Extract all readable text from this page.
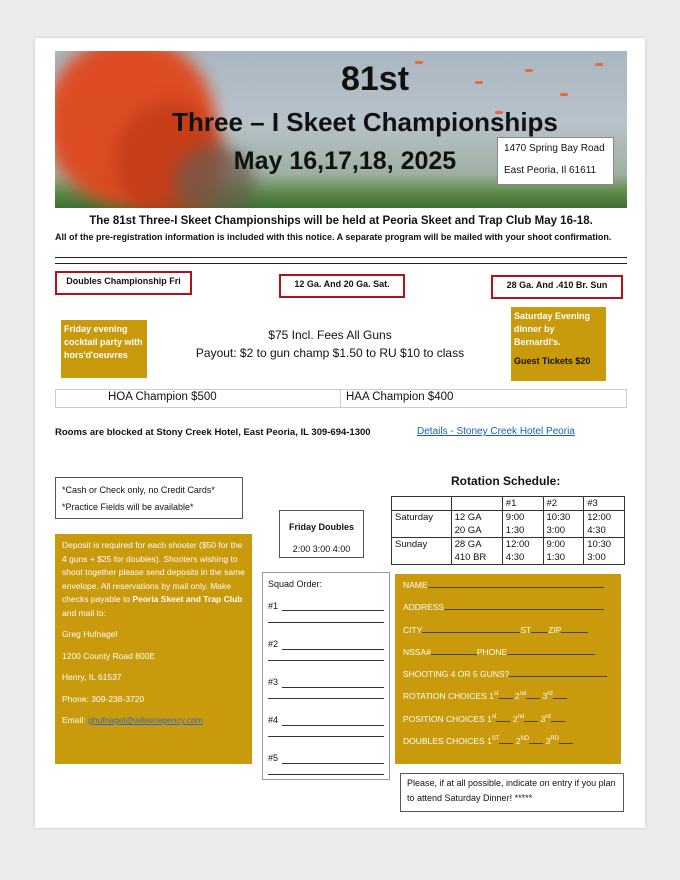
81st
Three – I Skeet Championships
May 16,17,18, 2025	1470 Spring Bay Road
East Peoria, Il 61611
The 81st Three-I Skeet Championships will be held at Peoria Skeet and Trap Club May 16-18.
All of the pre-registration information is included with this notice. A separate program will be mailed with your shoot confirmation.
Doubles Championship Fri	12 Ga. And 20 Ga. Sat.	28 Ga. And .410 Br. Sun
Friday evening cocktail party with hors'd'oeuvres
$75 Incl. Fees All Guns
Payout: $2 to gun champ $1.50 to RU $10 to class
Saturday Evening dinner by Bernardi's.
Guest Tickets $20
HOA Champion $500	HAA Champion $400
Rooms are blocked at Stony Creek Hotel, East Peoria, IL 309-694-1300	Details - Stoney Creek Hotel Peoria
*Cash or Check only, no Credit Cards*
*Practice Fields will be available*
Friday Doubles
2:00 3:00 4:00
Rotation Schedule:
		#1	#2	#3
Saturday	12 GA	9:00	10:30	12:00
	20 GA	1:30	3:00	4:30
Sunday	28 GA	12:00	9:00	10:30
	410 BR	4:30	1:30	3:00
Deposit is required for each shooter ($50 for the 4 guns + $25 for doubles). Shooters wishing to shoot together please send deposits in the same envelope. All reservations by mail only. Make checks payable to Peoria Skeet and Trap Club and mail to:
Greg Hufnagel
1200 County Road 800E
Henry, IL 61537
Phone: 309-238-3720
Email: ghufnagel@wilsonagency.com
Squad Order:
#1
#2
#3
#4
#5
NAME
ADDRESS
CITY	ST ZIP
NSSA#	PHONE
SHOOTING 4 OR 5 GUNS?
ROTATION CHOICES 1st 2nd 3rd
POSITION CHOICES 1st 2nd 3rd
DOUBLES CHOICES 1ST 2ND 3RD
Please, if at all possible, indicate on entry if you plan to attend Saturday Dinner! *****
